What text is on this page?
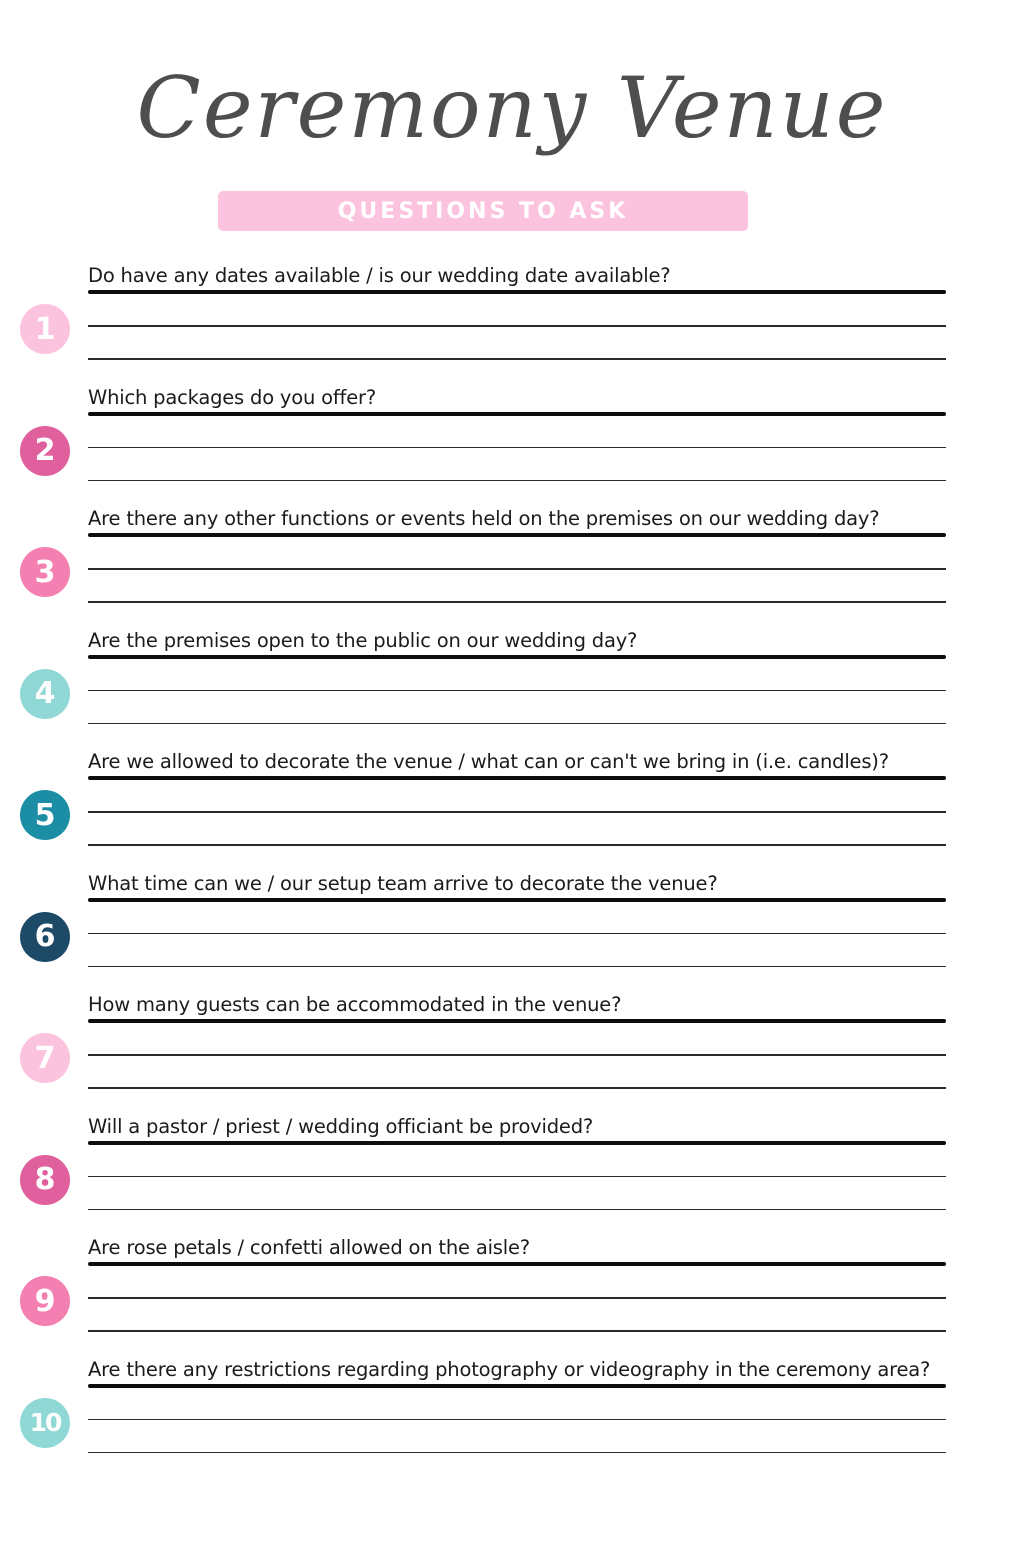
Ceremony Venue
QUESTIONS TO ASK
1
Do have any dates available / is our wedding date available?
2
Which packages do you offer?
3
Are there any other functions or events held on the premises on our wedding day?
4
Are the premises open to the public on our wedding day?
5
Are we allowed to decorate the venue / what can or can't we bring in (i.e. candles)?
6
What time can we / our setup team arrive to decorate the venue?
7
How many guests can be accommodated in the venue?
8
Will a pastor / priest / wedding officiant be provided?
9
Are rose petals / confetti allowed on the aisle?
10
Are there any restrictions regarding photography or videography in the ceremony area?
